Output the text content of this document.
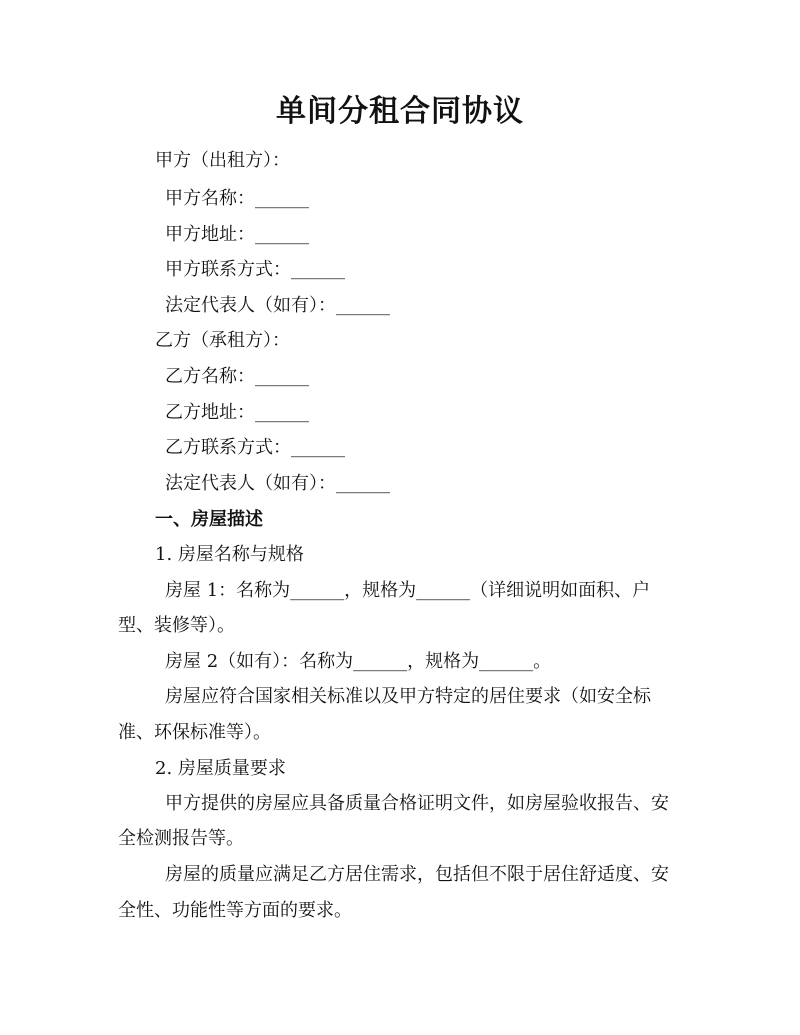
单间分租合同协议
甲方（出租方）：
甲方名称：______
甲方地址：______
甲方联系方式：______
法定代表人（如有）：______
乙方（承租方）：
乙方名称：______
乙方地址：______
乙方联系方式：______
法定代表人（如有）：______
一、房屋描述
1. 房屋名称与规格
房屋 1：名称为______，规格为______（详细说明如面积、户
型、装修等）。
房屋 2（如有）：名称为______，规格为______。
房屋应符合国家相关标准以及甲方特定的居住要求（如安全标
准、环保标准等）。
2. 房屋质量要求
甲方提供的房屋应具备质量合格证明文件，如房屋验收报告、安
全检测报告等。
房屋的质量应满足乙方居住需求，包括但不限于居住舒适度、安
全性、功能性等方面的要求。
